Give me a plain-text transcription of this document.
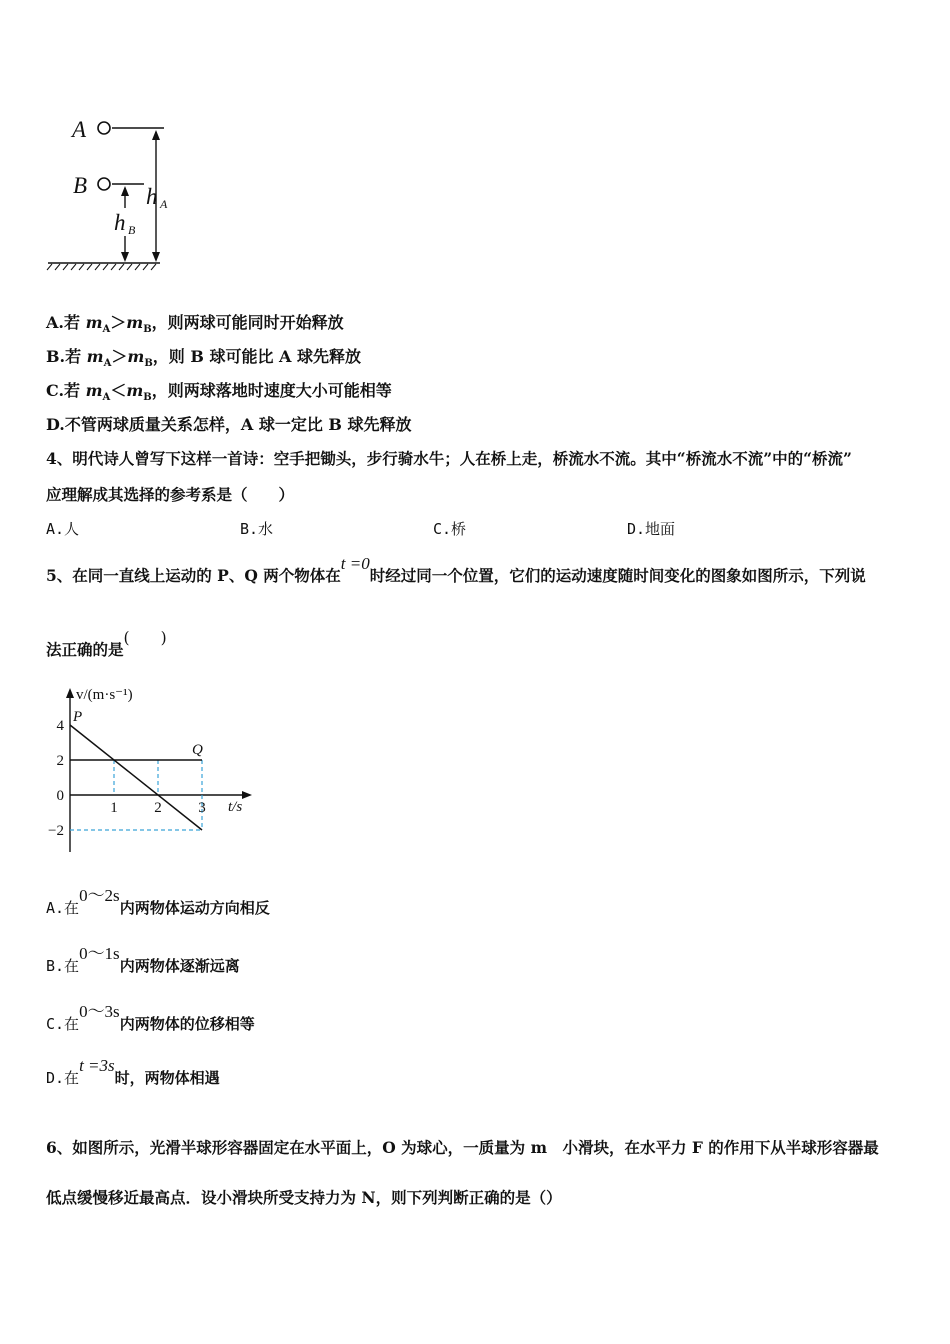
A
B	h A
h B
A.若 $m_A>m_B$，则两球可能同时开始释放
B.若 $m_A>m_B$，则 B 球可能比 A 球先释放
C.若 $m_A<m_B$，则两球落地时速度大小可能相等
D.不管两球质量关系怎样，A 球一定比 B 球先释放
4、明代诗人曾写下这样一首诗：空手把锄头，步行骑水牛；人在桥上走，桥流水不流。其中“桥流水不流”中的“桥流”
应理解成其选择的参考系是（　　）
A.人	B.水	C.桥	D.地面
5、在同一直线上运动的 P、Q 两个物体在t =0时经过同一个位置，它们的运动速度随时间变化的图象如图所示，下列说
法正确的是(　　)
4
2
0
−2
1 2 3
v/(m·s⁻¹)
t/s
P
Q
A.在0～2s内两物体运动方向相反
B.在0～1s内两物体逐渐远离
C.在0～3s内两物体的位移相等
D.在t =3s时，两物体相遇
6、如图所示，光滑半球形容器固定在水平面上，O 为球心，一质量为 m　小滑块，在水平力 F 的作用下从半球形容器最
低点缓慢移近最高点．设小滑块所受支持力为 N，则下列判断正确的是（）
